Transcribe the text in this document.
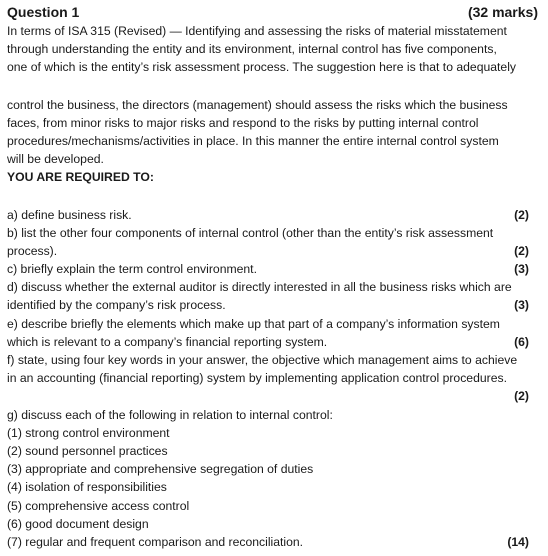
Question 1	(32 marks)
In terms of ISA 315 (Revised) — Identifying and assessing the risks of material misstatement
through understanding the entity and its environment, internal control has five components,
one of which is the entity’s risk assessment process. The suggestion here is that to adequately
control the business, the directors (management) should assess the risks which the business
faces, from minor risks to major risks and respond to the risks by putting internal control
procedures/mechanisms/activities in place. In this manner the entire internal control system
will be developed.
YOU ARE REQUIRED TO:
a) define business risk.	(2)
b) list the other four components of internal control (other than the entity’s risk assessment
process).	(2)
c) briefly explain the term control environment.	(3)
d) discuss whether the external auditor is directly interested in all the business risks which are
identified by the company’s risk process.	(3)
e) describe briefly the elements which make up that part of a company’s information system
which is relevant to a company’s financial reporting system.	(6)
f) state, using four key words in your answer, the objective which management aims to achieve
in an accounting (financial reporting) system by implementing application control procedures.
(2)
g) discuss each of the following in relation to internal control:
(1) strong control environment
(2) sound personnel practices
(3) appropriate and comprehensive segregation of duties
(4) isolation of responsibilities
(5) comprehensive access control
(6) good document design
(7) regular and frequent comparison and reconciliation.	(14)
